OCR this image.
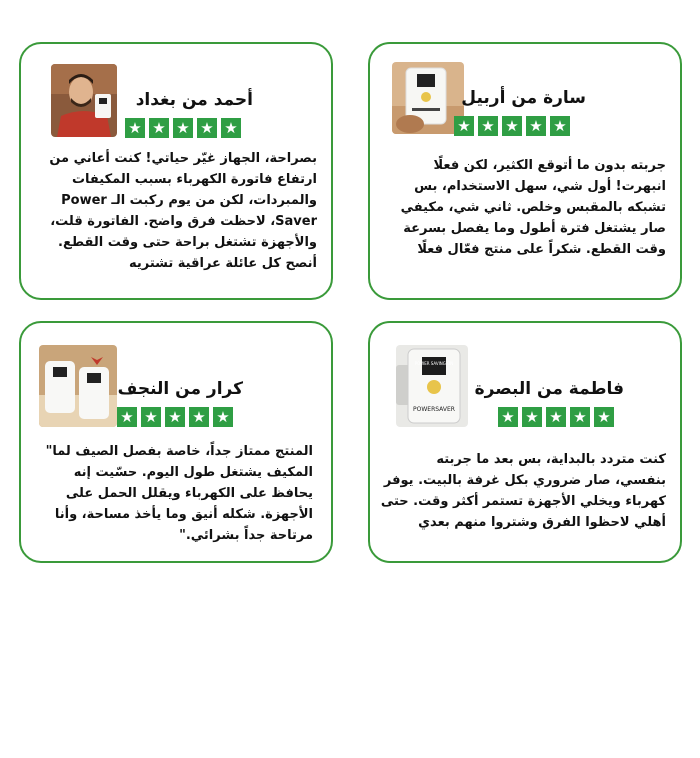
سارة من أربيل
★ ★ ★ ★ ★

جربته بدون ما أتوقع الكثير، لكن فعلًا

انبهرت! أول شي، سهل الاستخدام، بس

تشبكه بالمقبس وخلص. ثاني شي، مكيفي

صار يشتغل فترة أطول وما يفصل بسرعة

وقت القطع. شكراً على منتج فعّال فعلًا

أحمد من بغداد
★ ★ ★ ★ ★

بصراحة، الجهاز غيّر حياتي! كنت أعاني من

ارتفاع فاتورة الكهرباء بسبب المكيفات

والمبردات، لكن من يوم ركبت الـ Power

Saver، لاحظت فرق واضح. الفاتورة قلت،

والأجهزة تشتغل براحة حتى وقت القطع.

أنصح كل عائلة عراقية تشتريه

POWER SAVING ON
POWERSAVER
فاطمة من البصرة
★ ★ ★ ★ ★

كنت متردد بالبداية، بس بعد ما جربته

بنفسي، صار ضروري بكل غرفة بالبيت. يوفر

كهرباء ويخلي الأجهزة تستمر أكثر وقت. حتى

أهلي لاحظوا الفرق وشتروا منهم بعدي

كرار من النجف
★ ★ ★ ★ ★

المنتج ممتاز جداً، خاصة بفصل الصيف لما"

المكيف يشتغل طول اليوم. حسّيت إنه

يحافظ على الكهرباء ويقلل الحمل على

الأجهزة. شكله أنيق وما يأخذ مساحة، وأنا

مرتاحة جداً بشرائي."
